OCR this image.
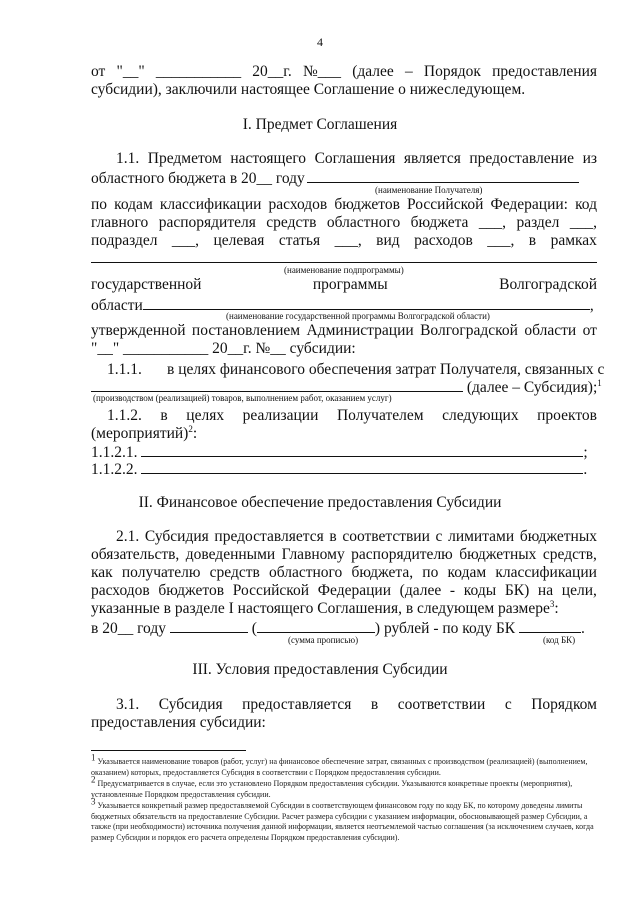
4
от "__" ___________ 20__г. №___ (далее – Порядок предоставления
субсидии), заключили настоящее Соглашение о нижеследующем.
I. Предмет Соглашения
1.1. Предметом настоящего Соглашения является предоставление из
областного бюджета в 20__ году
(наименование Получателя)
по кодам классификации расходов бюджетов Российской Федерации: код
главного распорядителя средств областного бюджета ___, раздел ___,
подраздел ___, целевая статья ___, вид расходов ___, в рамках
(наименование подпрограммы)
государственной	программы	Волгоградской
области	,
(наименование государственной программы Волгоградской области)
утвержденной постановлением Администрации Волгоградской области от
"__" ___________ 20__г. №__ субсидии:
1.1.1.	в целях финансового обеспечения затрат Получателя, связанных с
(далее – Субсидия);$^1$
(производством (реализацией) товаров, выполнением работ, оказанием услуг)
1.1.2. в целях реализации Получателем следующих проектов
(мероприятий)$^2$:
1.1.2.1.	;
1.1.2.2.	.
II. Финансовое обеспечение предоставления Субсидии
2.1. Субсидия предоставляется в соответствии с лимитами бюджетных
обязательств, доведенными Главному распорядителю бюджетных средств,
как получателю средств областного бюджета, по кодам классификации
расходов бюджетов Российской Федерации (далее - коды БК) на цели,
указанные в разделе I настоящего Соглашения, в следующем размере$^3$:
в 20__ году	(	) рублей - по коду БК	.
(сумма прописью)	(код БК)
III. Условия предоставления Субсидии
3.1. Субсидия предоставляется в соответствии с Порядком
предоставления субсидии:
$^1$ Указывается наименование товаров (работ, услуг) на финансовое обеспечение затрат, связанных с производством (реализацией) (выполнением, оказанием) которых, предоставляется Субсидия в соответствии с Порядком предоставления субсидии.
$^2$ Предусматривается в случае, если это установлено Порядком предоставления субсидии. Указываются конкретные проекты (мероприятия), установленные Порядком предоставления субсидии.
$^3$ Указывается конкретный размер предоставляемой Субсидии в соответствующем финансовом году по коду БК, по которому доведены лимиты бюджетных обязательств на предоставление Субсидии. Расчет размера субсидии с указанием информации, обосновывающей размер Субсидии, а также (при необходимости) источника получения данной информации, является неотъемлемой частью соглашения (за исключением случаев, когда размер Субсидии и порядок его расчета определены Порядком предоставления субсидии).
